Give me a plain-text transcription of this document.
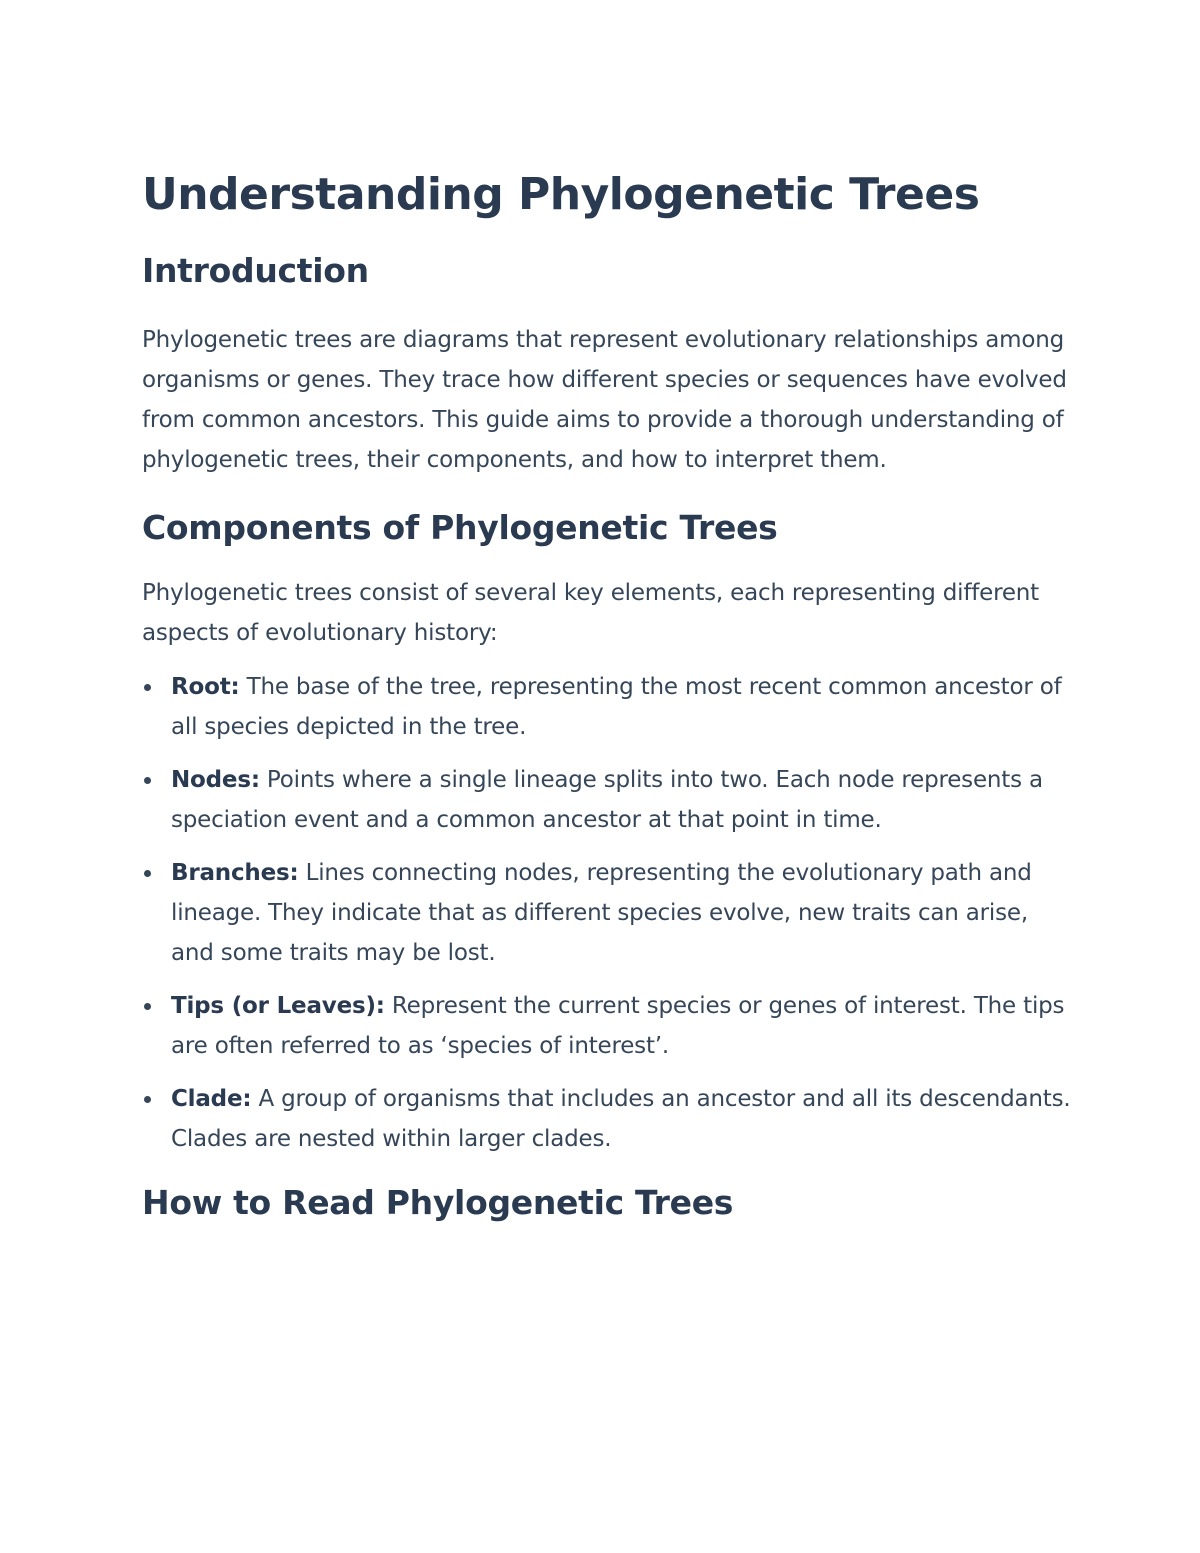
Understanding Phylogenetic Trees
Introduction

Phylogenetic trees are diagrams that represent evolutionary relationships among organisms or genes. They trace how different species or sequences have evolved from common ancestors. This guide aims to provide a thorough understanding of phylogenetic trees, their components, and how to interpret them.

Components of Phylogenetic Trees

Phylogenetic trees consist of several key elements, each representing different aspects of evolutionary history:

Root: The base of the tree, representing the most recent common ancestor of all species depicted in the tree.
Nodes: Points where a single lineage splits into two. Each node represents a speciation event and a common ancestor at that point in time.
Branches: Lines connecting nodes, representing the evolutionary path and lineage. They indicate that as different species evolve, new traits can arise, and some traits may be lost.
Tips (or Leaves): Represent the current species or genes of interest. The tips are often referred to as ‘species of interest’.
Clade: A group of organisms that includes an ancestor and all its descendants. Clades are nested within larger clades.
How to Read Phylogenetic Trees
